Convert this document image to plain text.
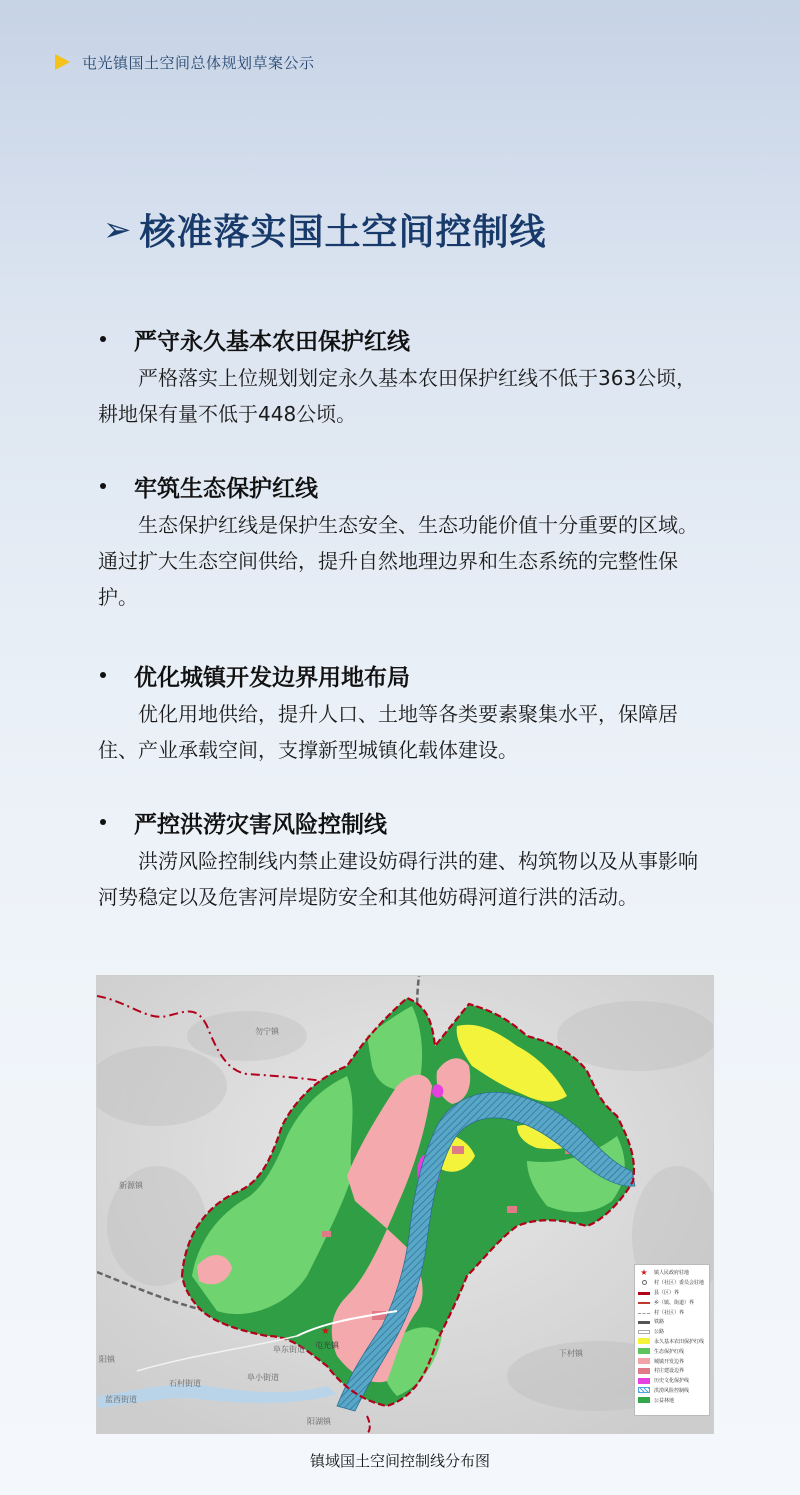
屯光镇国土空间总体规划草案公示
➢ 核准落实国土空间控制线
严守永久基本农田保护红线
严格落实上位规划划定永久基本农田保护红线不低于363公顷，耕地保有量不低于448公顷。
牢筑生态保护红线
生态保护红线是保护生态安全、生态功能价值十分重要的区域。通过扩大生态空间供给，提升自然地理边界和生态系统的完整性保护。
优化城镇开发边界用地布局
优化用地供给，提升人口、土地等各类要素聚集水平，保障居住、产业承载空间，支撑新型城镇化载体建设。
严控洪涝灾害风险控制线
洪涝风险控制线内禁止建设妨碍行洪的建、构筑物以及从事影响河势稳定以及危害河岸堤防安全和其他妨碍河道行洪的活动。
★
勿宁镇
新源镇
屯光镇
阳镇
蓝西街道
石村街道
阜小街道
阜东街道	下村镇
阳湖镇
★	镇人民政府驻地
村（社区）委员会驻地
县（区）界
乡（镇、街道）界
村（社区）界
铁路
公路
永久基本农田保护红线
生态保护红线
城镇开发边界
村庄建设边界
历史文化保护线
洪涝风险控制线
公益林地
镇域国土空间控制线分布图
